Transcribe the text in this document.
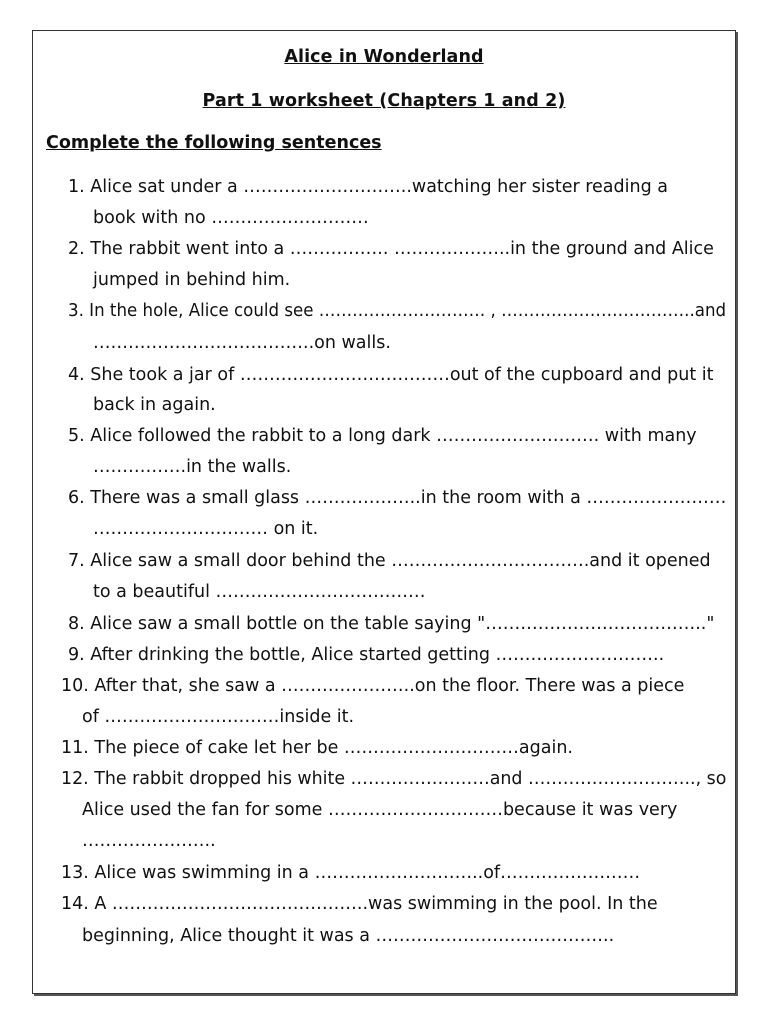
Alice in Wonderland
Part 1 worksheet (Chapters 1 and 2)
Complete the following sentences
1. Alice sat under a ………………………..watching her sister reading a
book with no ………………………
2. The rabbit went into a …………….. ………………..in the ground and Alice
jumped in behind him.
3. In the hole, Alice could see ………………………… , ……………………………..and
………………………………..on walls.
4. She took a jar of ………………………………out of the cupboard and put it
back in again.
5. Alice followed the rabbit to a long dark ………………………. with many
…………….in the walls.
6. There was a small glass ………………..in the room with a ……………………
………………………… on it.
7. Alice saw a small door behind the …………………………….and it opened
to a beautiful ………………………………
8. Alice saw a small bottle on the table saying "……………………………….."
9. After drinking the bottle, Alice started getting ………………………..
10. After that, she saw a …………………..on the floor. There was a piece
of …………………………inside it.
11. The piece of cake let her be …………………………again.
12. The rabbit dropped his white ……………………and ……………………….., so
Alice used the fan for some …………………………because it was very
…………………..
13. Alice was swimming in a ………………………..of……………………
14. A ……………………………………..was swimming in the pool. In the
beginning, Alice thought it was a …………………………………..
